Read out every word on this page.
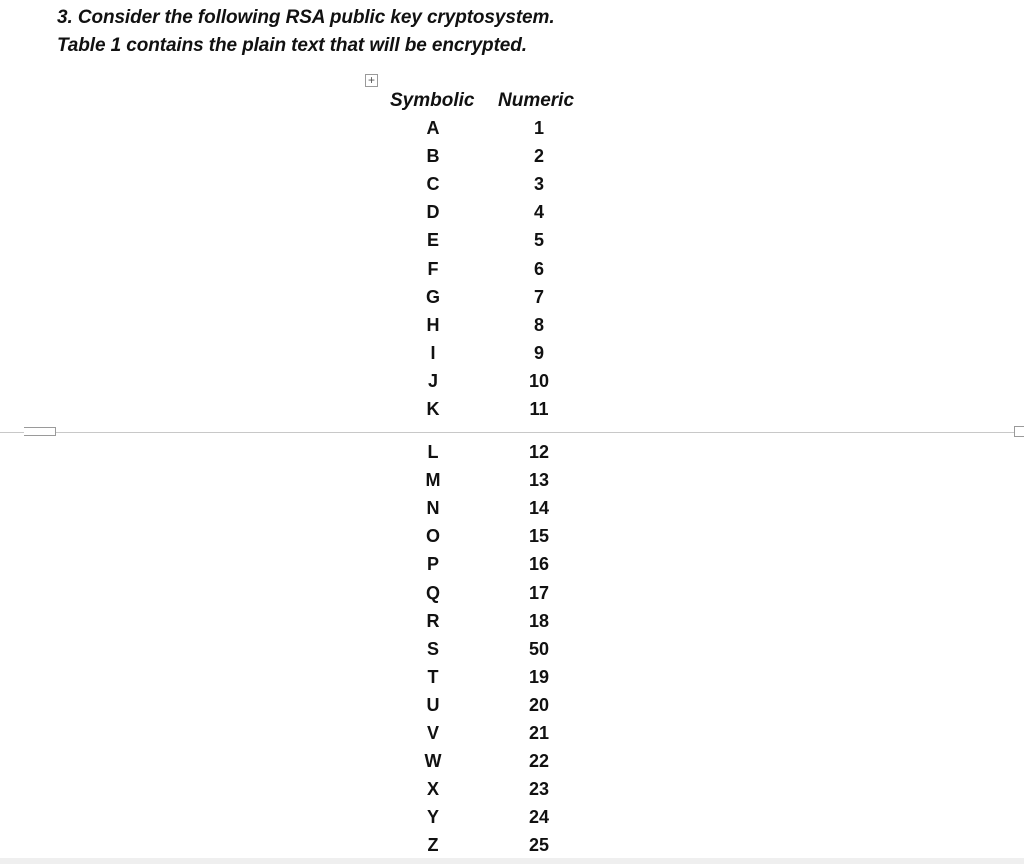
3. Consider the following RSA public key cryptosystem.
Table 1 contains the plain text that will be encrypted.
+
Symbolic Numeric
A	1
B	2
C	3
D	4
E	5
F	6
G	7
H	8
I	9
J	10
K	11
L	12
M	13
N	14
O	15
P	16
Q	17
R	18
S	50
T	19
U	20
V	21
W	22
X	23
Y	24
Z	25
